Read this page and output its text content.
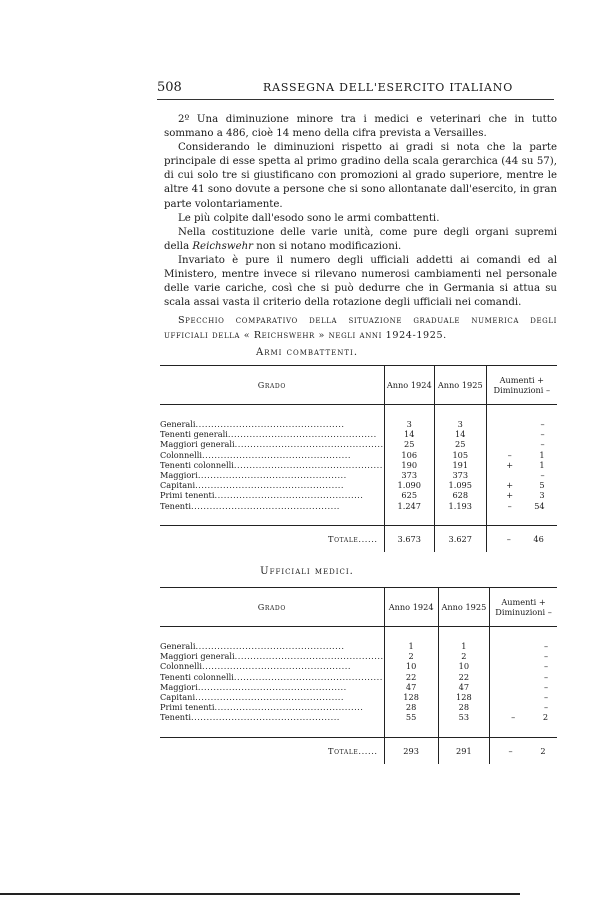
508	RASSEGNA DELL'ESERCITO ITALIANO

2º Una diminuzione minore tra i medici e veterinari che in tutto sommano a 486, cioè 14 meno della cifra prevista a Versailles.

Considerando le diminuzioni rispetto ai gradi si nota che la parte principale di esse spetta al primo gradino della scala gerarchica (44 su 57), di cui solo tre si giustificano con promozioni al grado superiore, mentre le altre 41 sono dovute a persone che si sono allontanate dall'esercito, in gran parte volontariamente.

Le più colpite dall'esodo sono le armi combattenti.

Nella costituzione delle varie unità, come pure degli organi supremi della Reichswehr non si notano modificazioni.

Invariato è pure il numero degli ufficiali addetti ai comandi ed al Ministero, mentre invece si rilevano numerosi cambiamenti nel personale delle varie cariche, così che si può dedurre che in Germania si attua su scala assai vasta il criterio della rotazione degli ufficiali nei comandi.

Specchio comparativo della situazione graduale numerica degli ufficiali della « Reichswehr » negli anni 1924-1925.
Armi combattenti.
Grado	Anno 1924	Anno 1925	Aumenti +
Diminuzioni –

Generali................................................	3	3	–
Tenenti generali................................................	14	14	–
Maggiori generali................................................	25	25	–
Colonnelli................................................	106	105	– 1
Tenenti colonnelli................................................	190	191	+ 1
Maggiori................................................	373	373	–
Capitani................................................	1.090	1.095	+ 5
Primi tenenti................................................	625	628	+ 3
Tenenti................................................	1.247	1.193	– 54

Totale......	3.673	3.627	– 46
Ufficiali medici.
Grado	Anno 1924	Anno 1925	Aumenti +
Diminuzioni –

Generali................................................	1	1	–
Maggiori generali................................................	2	2	–
Colonnelli................................................	10	10	–
Tenenti colonnelli................................................	22	22	–
Maggiori................................................	47	47	–
Capitani................................................	128	128	–
Primi tenenti................................................	28	28	–
Tenenti................................................	55	53	– 2

Totale......	293	291	– 2
